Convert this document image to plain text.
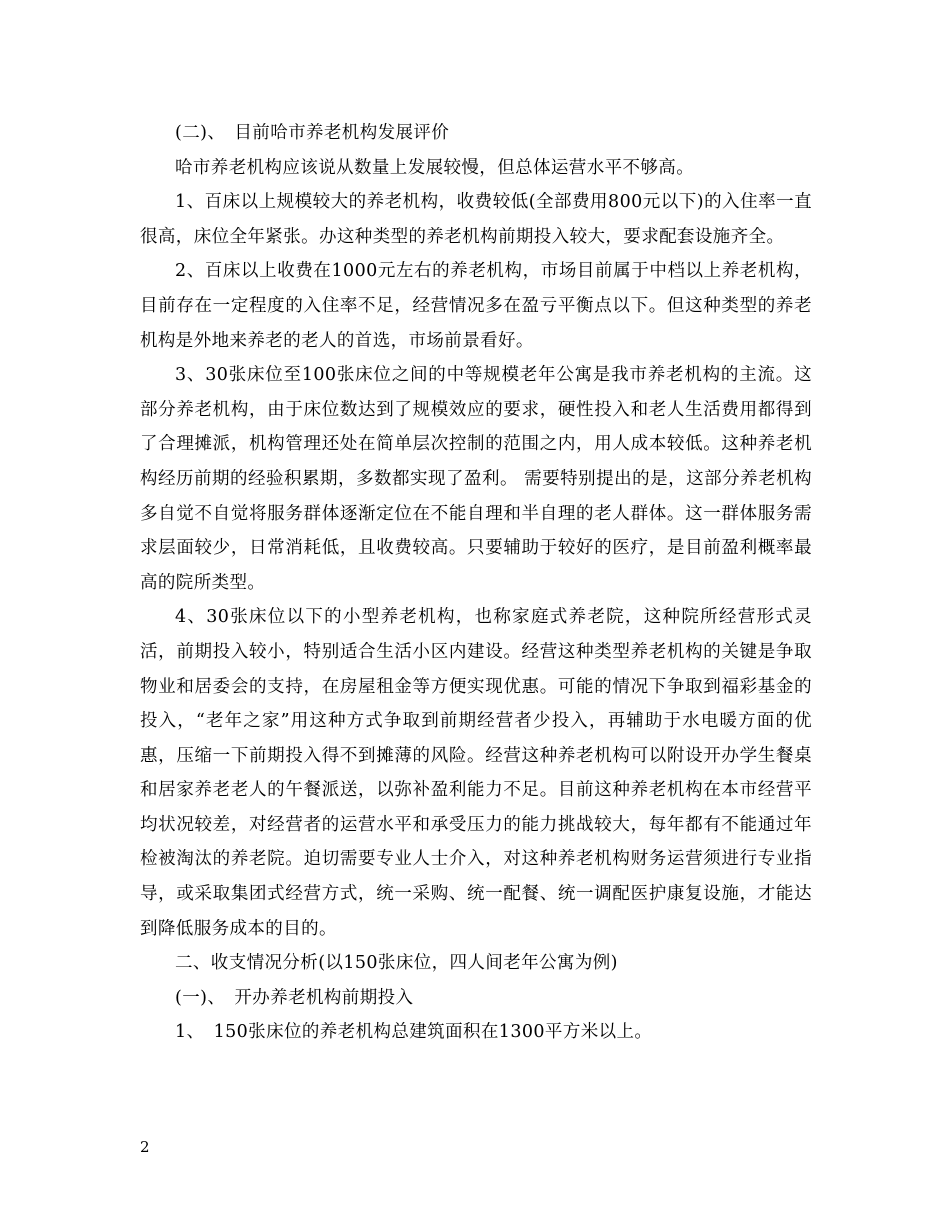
(二)、　目前哈市养老机构发展评价

哈市养老机构应该说从数量上发展较慢，但总体运营水平不够高。

1、百床以上规模较大的养老机构，收费较低(全部费用800元以下)的入住率一直很高，床位全年紧张。办这种类型的养老机构前期投入较大，要求配套设施齐全。

2、百床以上收费在1000元左右的养老机构，市场目前属于中档以上养老机构，目前存在一定程度的入住率不足，经营情况多在盈亏平衡点以下。但这种类型的养老机构是外地来养老的老人的首选，市场前景看好。

3、30张床位至100张床位之间的中等规模老年公寓是我市养老机构的主流。这部分养老机构，由于床位数达到了规模效应的要求，硬性投入和老人生活费用都得到了合理摊派，机构管理还处在简单层次控制的范围之内，用人成本较低。这种养老机构经历前期的经验积累期，多数都实现了盈利。 需要特别提出的是，这部分养老机构多自觉不自觉将服务群体逐渐定位在不能自理和半自理的老人群体。这一群体服务需求层面较少，日常消耗低，且收费较高。只要辅助于较好的医疗，是目前盈利概率最高的院所类型。

4、30张床位以下的小型养老机构，也称家庭式养老院，这种院所经营形式灵活，前期投入较小，特别适合生活小区内建设。经营这种类型养老机构的关键是争取物业和居委会的支持，在房屋租金等方便实现优惠。可能的情况下争取到福彩基金的投入，“老年之家”用这种方式争取到前期经营者少投入，再辅助于水电暖方面的优惠，压缩一下前期投入得不到摊薄的风险。经营这种养老机构可以附设开办学生餐桌和居家养老老人的午餐派送，以弥补盈利能力不足。目前这种养老机构在本市经营平均状况较差，对经营者的运营水平和承受压力的能力挑战较大，每年都有不能通过年检被淘汰的养老院。迫切需要专业人士介入，对这种养老机构财务运营须进行专业指导，或采取集团式经营方式，统一采购、统一配餐、统一调配医护康复设施，才能达到降低服务成本的目的。

二、收支情况分析(以150张床位，四人间老年公寓为例)

(一)、　开办养老机构前期投入

1、　150张床位的养老机构总建筑面积在1300平方米以上。

2
